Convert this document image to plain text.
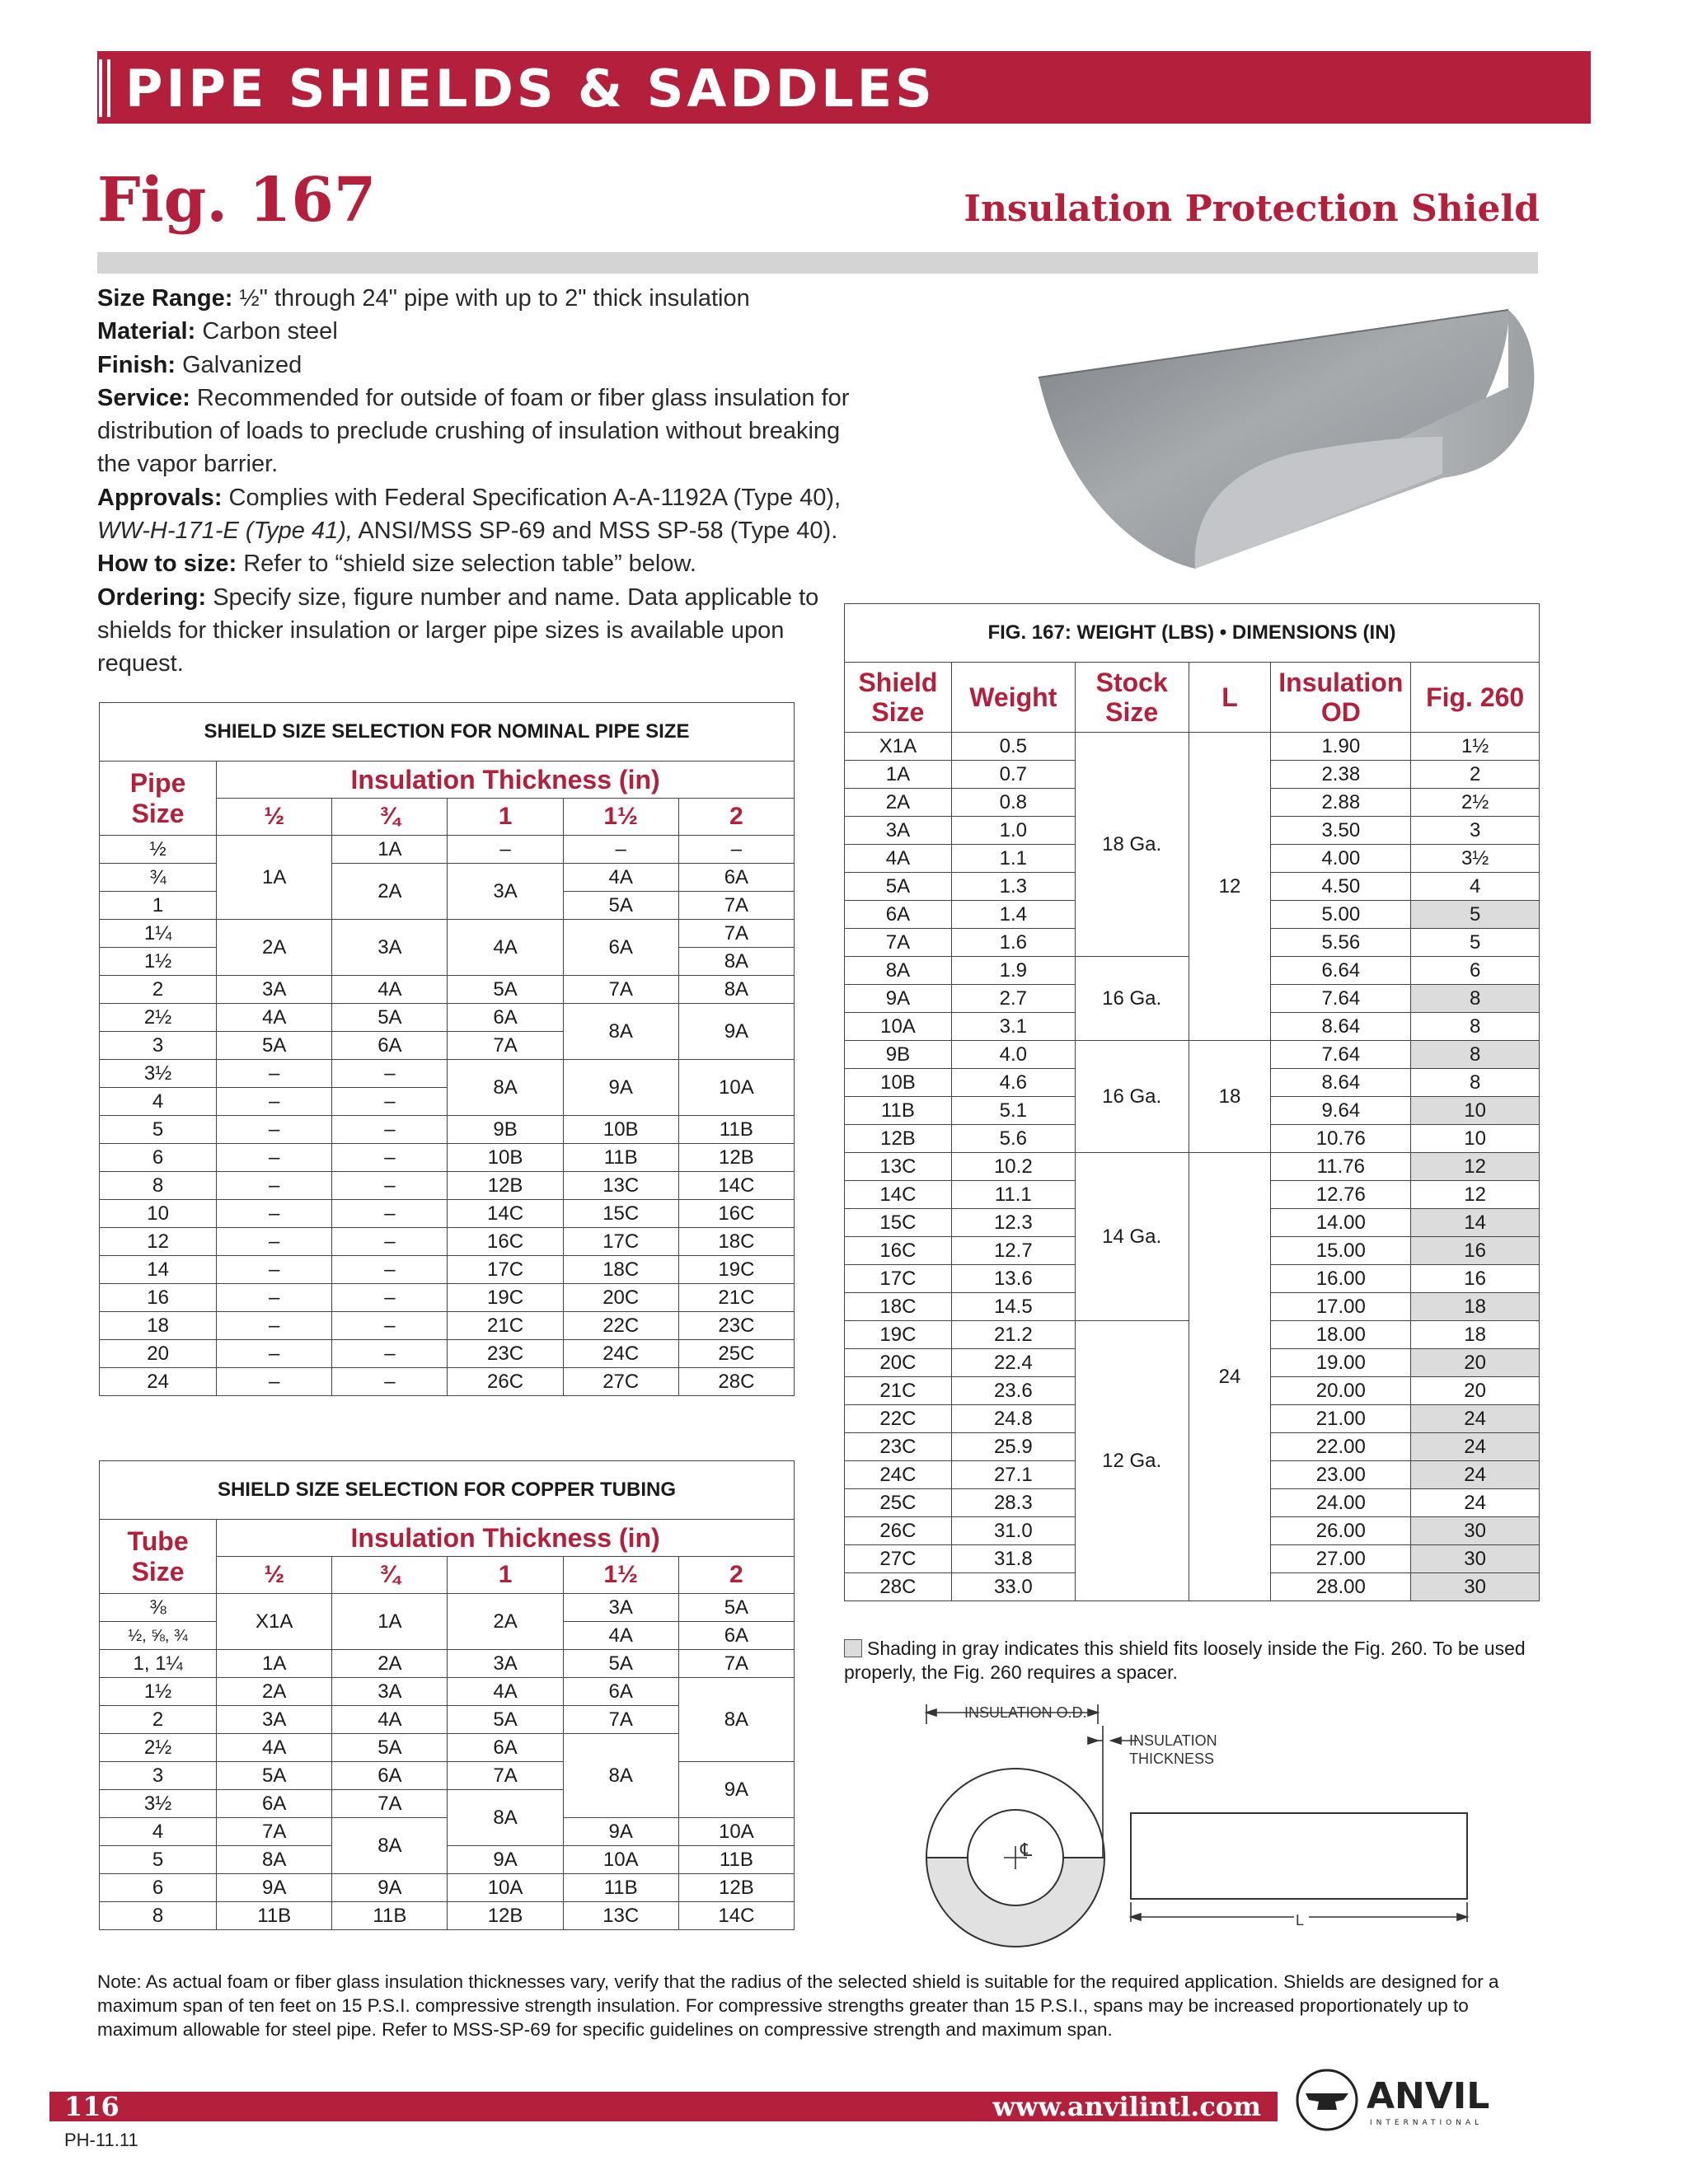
PIPE SHIELDS & SADDLES
Fig. 167	Insulation Protection Shield

Size Range: ½" through 24" pipe with up to 2" thick insulation

Material: Carbon steel

Finish: Galvanized

Service: Recommended for outside of foam or fiber glass insulation for distribution of loads to preclude crushing of insulation without breaking the vapor barrier.

Approvals: Complies with Federal Specification A-A-1192A (Type 40), WW-H-171-E (Type 41), ANSI/MSS SP-69 and MSS SP-58 (Type 40).

How to size: Refer to “shield size selection table” below.

Ordering: Specify size, figure number and name. Data applicable to shields for thicker insulation or larger pipe sizes is available upon request.

SHIELD SIZE SELECTION FOR NOMINAL PIPE SIZE					
Pipe Size	Insulation Thickness (in)				
	½	¾	1	1½	2
½	1A	1A	–	–	–
¾		2A	3A	4A	6A
1				5A	7A
1¼	2A	3A	4A	6A	7A
1½					8A
2	3A	4A	5A	7A	8A
2½	4A	5A	6A	8A	9A
3	5A	6A	7A		
3½	–	–	8A	9A	10A
4	–	–			
5	–	–	9B	10B	11B
6	–	–	10B	11B	12B
8	–	–	12B	13C	14C
10	–	–	14C	15C	16C
12	–	–	16C	17C	18C
14	–	–	17C	18C	19C
16	–	–	19C	20C	21C
18	–	–	21C	22C	23C
20	–	–	23C	24C	25C
24	–	–	26C	27C	28C
SHIELD SIZE SELECTION FOR COPPER TUBING					
Tube Size	Insulation Thickness (in)				
	½	¾	1	1½	2
⅜	X1A	1A	2A	3A	5A
½, ⅝, ¾				4A	6A
1, 1¼	1A	2A	3A	5A	7A
1½	2A	3A	4A	6A	8A
2	3A	4A	5A	7A	
2½	4A	5A	6A	8A	
3	5A	6A	7A		9A
3½	6A	7A	8A		
4	7A	8A		9A	10A
5	8A		9A	10A	11B
6	9A	9A	10A	11B	12B
8	11B	11B	12B	13C	14C
FIG. 167: WEIGHT (LBS) • DIMENSIONS (IN)					
Shield Size	Weight	Stock Size	L	Insulation OD	Fig. 260
X1A	0.5	18 Ga.	12	1.90	1½
1A	0.7			2.38	2
2A	0.8			2.88	2½
3A	1.0			3.50	3
4A	1.1			4.00	3½
5A	1.3			4.50	4
6A	1.4			5.00	5
7A	1.6			5.56	5
8A	1.9	16 Ga.		6.64	6
9A	2.7			7.64	8
10A	3.1			8.64	8
9B	4.0	16 Ga.	18	7.64	8
10B	4.6			8.64	8
11B	5.1			9.64	10
12B	5.6			10.76	10
13C	10.2	14 Ga.	24	11.76	12
14C	11.1			12.76	12
15C	12.3			14.00	14
16C	12.7			15.00	16
17C	13.6			16.00	16
18C	14.5			17.00	18
19C	21.2	12 Ga.		18.00	18
20C	22.4			19.00	20
21C	23.6			20.00	20
22C	24.8			21.00	24
23C	25.9			22.00	24
24C	27.1			23.00	24
25C	28.3			24.00	24
26C	31.0			26.00	30
27C	31.8			27.00	30
28C	33.0			28.00	30
Shading in gray indicates this shield fits loosely inside the Fig. 260. To be used properly, the Fig. 260 requires a spacer.
℄
INSULATION O.D.
INSULATION
THICKNESS
L
Note: As actual foam or fiber glass insulation thicknesses vary, verify that the radius of the selected shield is suitable for the required application. Shields are designed for a maximum span of ten feet on 15 P.S.I. compressive strength insulation. For compressive strengths greater than 15 P.S.I., spans may be increased proportionately up to maximum allowable for steel pipe. Refer to MSS-SP-69 for specific guidelines on compressive strength and maximum span.
116	www.anvilintl.com
PH-11.11
ANVIL
INTERNATIONAL
